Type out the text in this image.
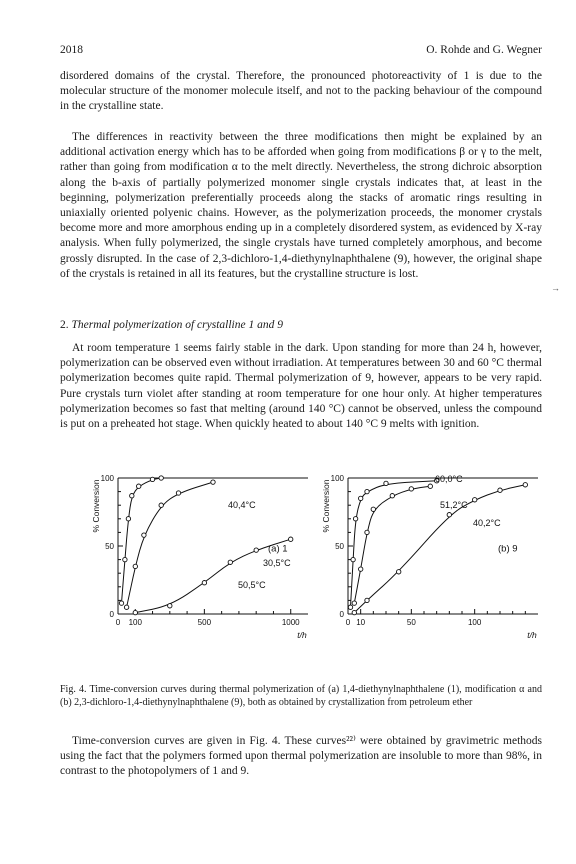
2018	O. Rohde and G. Wegner

disordered domains of the crystal. Therefore, the pronounced photoreactivity of 1 is due to the molecular structure of the monomer molecule itself, and not to the packing behaviour of the compound in the crystalline state.

The differences in reactivity between the three modifications then might be explained by an additional activation energy which has to be afforded when going from modifications β or γ to the melt, rather than going from modification α to the melt directly. Nevertheless, the strong dichroic absorption along the b-axis of partially polymerized monomer single crystals indicates that, at least in the beginning, polymerization preferentially proceeds along the stacks of aromatic rings resulting in uniaxially oriented polyenic chains. However, as the polymerization proceeds, the monomer crystals become more and more amorphous ending up in a completely disordered system, as evidenced by X-ray analysis. When fully polymerized, the single crystals have turned completely amorphous, and become grossly disrupted. In the case of 2,3-dichloro-1,4-diethynylnaphthalene (9), however, the original shape of the crystals is retained in all its features, but the crystalline structure is lost.

2. Thermal polymerization of crystalline 1 and 9

At room temperature 1 seems fairly stable in the dark. Upon standing for more than 24 h, however, polymerization can be observed even without irradiation. At temperatures between 30 and 60 °C thermal polymerization becomes quite rapid. Thermal polymerization of 9, however, appears to be very rapid. Pure crystals turn violet after standing at room temperature for one hour only. At higher temperatures polymerization becomes so fast that melting (around 140 °C) cannot be observed, unless the compound is put on a preheated hot stage. When quickly heated to about 140 °C 9 melts with ignition.

0
50
100
0 100	500	1000
% Conversion
t/h
(a) 1
50,5°C
40,4°C
30,5°C
0
50
100
0 10	50	100
% Conversion
t/h
(b) 9
60,0°C
51,2°C
40,2°C

Fig. 4. Time-conversion curves during thermal polymerization of (a) 1,4-diethynylnaphthalene (1), modification α and (b) 2,3-dichloro-1,4-diethynylnaphthalene (9), both as obtained by crystallization from petroleum ether

Time-conversion curves are given in Fig. 4. These curves²²⁾ were obtained by gravimetric methods using the fact that the polymers formed upon thermal polymerization are insoluble to more than 98%, in contrast to the photopolymers of 1 and 9.

→
